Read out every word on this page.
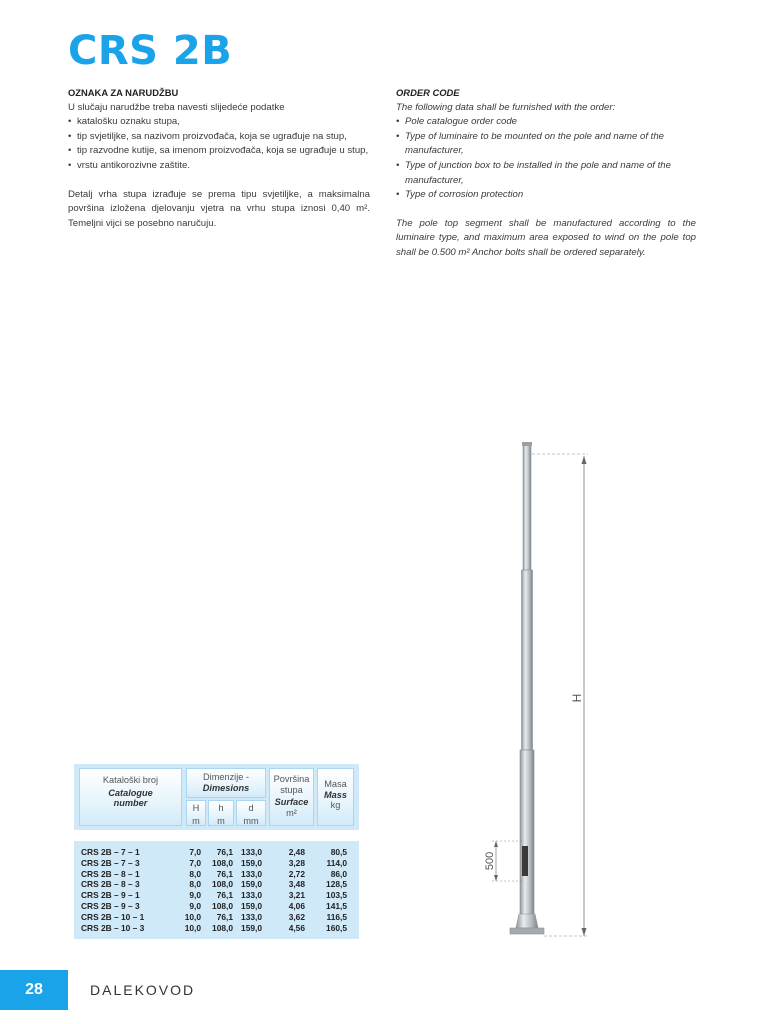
CRS 2B
OZNAKA ZA NARUDŽBU

U slučaju narudžbe treba navesti slijedeće podatke

• katalošku oznaku stupa,
• tip svjetiljke, sa nazivom proizvođača, koja se ugrađuje na stup,
• tip razvodne kutije, sa imenom proizvođača, koja se ugrađuje u stup,
• vrstu antikorozivne zaštite.

Detalj vrha stupa izrađuje se prema tipu svjetiljke, a maksimalna površina izložena djelovanju vjetra na vrhu stupa iznosi 0,40 m². Temeljni vijci se posebno naručuju.

ORDER CODE

The following data shall be furnished with the order:

• Pole catalogue order code
• Type of luminaire to be mounted on the pole and name of the manufacturer,
• Type of junction box to be installed in the pole and name of the manufacturer,
• Type of corrosion protection

The pole top segment shall be manufactured according to the luminaire type, and maximum area exposed to wind on the pole top shall be 0.500 m² Anchor bolts shall be ordered separately.

H
500
Kataloški broj
Catalogue number
Dimenzije -
Dimesions
H
m
h
m
d
mm
Površina stupa
Surface
m²
Masa
Mass
kg
CRS 2B – 7 – 1	7,0	76,1 133,0	2,48	80,5
CRS 2B – 7 – 3	7,0	108,0 159,0	3,28	114,0
CRS 2B – 8 – 1	8,0	76,1 133,0	2,72	86,0
CRS 2B – 8 – 3	8,0	108,0 159,0	3,48	128,5
CRS 2B – 9 – 1	9,0	76,1 133,0	3,21	103,5
CRS 2B – 9 – 3	9,0	108,0 159,0	4,06	141,5
CRS 2B – 10 – 1	10,0	76,1 133,0	3,62	116,5
CRS 2B – 10 – 3	10,0	108,0 159,0	4,56	160,5
28	DALEKOVOD
